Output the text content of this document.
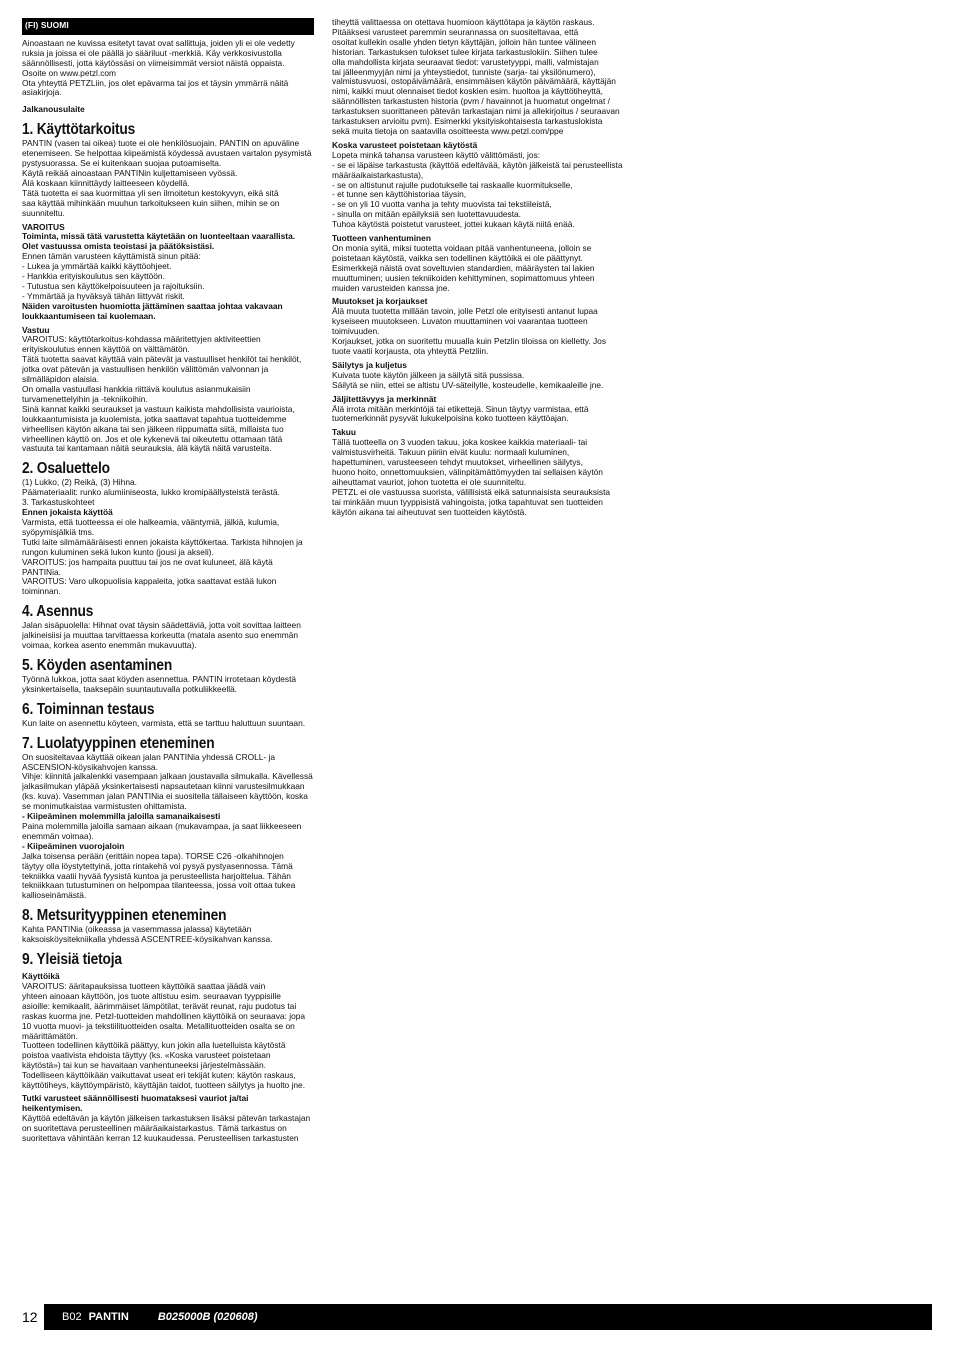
(FI) SUOMI
Ainoastaan ne kuvissa esitetyt tavat ovat sallittuja, joiden yli ei ole vedetty
ruksia ja joissa ei ole päällä jo sääriluut -merkkiä. Käy verkkosivustolla
säännöllisesti, jotta käytössäsi on viimeisimmät versiot näistä oppaista.
Osoite on www.petzl.com
Ota yhteyttä PETZLiin, jos olet epävarma tai jos et täysin ymmärrä näitä
asiakirjoja.
Jalkanousulaite
1. Käyttötarkoitus
PANTIN (vasen tai oikea) tuote ei ole henkilösuojain. PANTIN on apuväline
etenemiseen. Se helpottaa kiipeämistä köydessä avustaen vartalon pysymistä
pystysuorassa. Se ei kuitenkaan suojaa putoamiselta.
Käytä reikää ainoastaan PANTINin kuljettamiseen vyössä.
Älä koskaan kiinnittäydy laitteeseen köydellä.
Tätä tuotetta ei saa kuormittaa yli sen ilmoitetun kestokyvyn, eikä sitä
saa käyttää mihinkään muuhun tarkoitukseen kuin siihen, mihin se on
suunniteltu.
VAROITUS
Toiminta, missä tätä varustetta käytetään on luonteeltaan vaarallista.
Olet vastuussa omista teoistasi ja päätöksistäsi.
Ennen tämän varusteen käyttämistä sinun pitää:
- Lukea ja ymmärtää kaikki käyttöohjeet.
- Hankkia erityiskoulutus sen käyttöön.
- Tutustua sen käyttökelpoisuuteen ja rajoituksiin.
- Ymmärtää ja hyväksyä tähän liittyvät riskit.
Näiden varoitusten huomiotta jättäminen saattaa johtaa vakavaan
loukkaantumiseen tai kuolemaan.
Vastuu
VAROITUS: käyttötarkoitus-kohdassa määritettyjen aktiviteettien
erityiskoulutus ennen käyttöä on välttämätön.
Tätä tuotetta saavat käyttää vain pätevät ja vastuulliset henkilöt tai henkilöt,
jotka ovat pätevän ja vastuullisen henkilön välittömän valvonnan ja
silmälläpidon alaisia.
On omalla vastuullasi hankkia riittävä koulutus asianmukaisiin
turvamenettelyihin ja -tekniikoihin.
Sinä kannat kaikki seuraukset ja vastuun kaikista mahdollisista vaurioista,
loukkaantumisista ja kuolemista, jotka saattavat tapahtua tuotteidemme
virheellisen käytön aikana tai sen jälkeen riippumatta siitä, millaista tuo
virheellinen käyttö on. Jos et ole kykenevä tai oikeutettu ottamaan tätä
vastuuta tai kantamaan näitä seurauksia, älä käytä näitä varusteita.
2. Osaluettelo
(1) Lukko, (2) Reikä, (3) Hihna.
Päämateriaalit: runko alumiiniseosta, lukko kromipäällysteistä terästä.
3. Tarkastuskohteet
Ennen jokaista käyttöä
Varmista, että tuotteessa ei ole halkeamia, vääntymiä, jälkiä, kulumia,
syöpymisjälkiä tms.
Tutki laite silmämääräisesti ennen jokaista käyttökertaa. Tarkista hihnojen ja
rungon kuluminen sekä lukon kunto (jousi ja akseli).
VAROITUS: jos hampaita puuttuu tai jos ne ovat kuluneet, älä käytä
PANTINia.
VAROITUS: Varo ulkopuolisia kappaleita, jotka saattavat estää lukon
toiminnan.
4. Asennus
Jalan sisäpuolella: Hihnat ovat täysin säädettäviä, jotta voit sovittaa laitteen
jalkineisiisi ja muuttaa tarvittaessa korkeutta (matala asento suo enemmän
voimaa, korkea asento enemmän mukavuutta).
5. Köyden asentaminen
Työnnä lukkoa, jotta saat köyden asennettua. PANTIN irrotetaan köydestä
yksinkertaisella, taaksepäin suuntautuvalla potkuliikkeellä.
6. Toiminnan testaus
Kun laite on asennettu köyteen, varmista, että se tarttuu haluttuun suuntaan.
7. Luolatyyppinen eteneminen
On suositeltavaa käyttää oikean jalan PANTINia yhdessä CROLL- ja
ASCENSION-köysikahvojen kanssa.
Vihje: kiinnitä jalkalenkki vasempaan jalkaan joustavalla silmukalla. Kävellessä
jalkasilmukan yläpää yksinkertaisesti napsautetaan kiinni varustesilmukkaan
(ks. kuva). Vasemman jalan PANTINia ei suositella tällaiseen käyttöön, koska
se monimutkaistaa varmistusten ohittamista.
- Kiipeäminen molemmilla jaloilla samanaikaisesti
Paina molemmilla jaloilla samaan aikaan (mukavampaa, ja saat liikkeeseen
enemmän voimaa).
- Kiipeäminen vuorojaloin
Jalka toisensa perään (erittäin nopea tapa). TORSE C26 -olkahihnojen
täytyy olla löystytettyinä, jotta rintakehä voi pysyä pystyasennossa. Tämä
tekniikka vaatii hyvää fyysistä kuntoa ja perusteellista harjoittelua. Tähän
tekniikkaan tutustuminen on helpompaa tilanteessa, jossa voit ottaa tukea
kallioseinämästä.
8. Metsurityyppinen eteneminen
Kahta PANTINia (oikeassa ja vasemmassa jalassa) käytetään
kaksoisköysitekniikalla yhdessä ASCENTREE-köysikahvan kanssa.
9. Yleisiä tietoja
Käyttöikä
VAROITUS: ääritapauksissa tuotteen käyttöikä saattaa jäädä vain
yhteen ainoaan käyttöön, jos tuote altistuu esim. seuraavan tyyppisille
asioille: kemikaalit, äärimmäiset lämpötilat, terävät reunat, raju pudotus tai
raskas kuorma jne. Petzl-tuotteiden mahdollinen käyttöikä on seuraava: jopa
10 vuotta muovi- ja tekstiilituotteiden osalta. Metallituotteiden osalta se on
määrittämätön.
Tuotteen todellinen käyttöikä päättyy, kun jokin alla luetelluista käytöstä
poistoa vaativista ehdoista täyttyy (ks. «Koska varusteet poistetaan
käytöstä») tai kun se havaitaan vanhentuneeksi järjestelmässään.
Todelliseen käyttöikään vaikuttavat useat eri tekijät kuten: käytön raskaus,
käyttötiheys, käyttöympäristö, käyttäjän taidot, tuotteen säilytys ja huolto jne.
Tutki varusteet säännöllisesti huomataksesi vauriot ja/tai
heikentymisen.
Käyttöä edeltävän ja käytön jälkeisen tarkastuksen lisäksi pätevän tarkastajan
on suoritettava perusteellinen määräaikaistarkastus. Tämä tarkastus on
suoritettava vähintään kerran 12 kuukaudessa. Perusteellisen tarkastusten
tiheyttä valittaessa on otettava huomioon käyttötapa ja käytön raskaus.
Pitääksesi varusteet paremmin seurannassa on suositeltavaa, että
osoitat kullekin osalle yhden tietyn käyttäjän, jolloin hän tuntee välineen
historian. Tarkastuksen tulokset tulee kirjata tarkastuslokiin. Siihen tulee
olla mahdollista kirjata seuraavat tiedot: varustetyyppi, malli, valmistajan
tai jälleenmyyjän nimi ja yhteystiedot, tunniste (sarja- tai yksilönumero),
valmistusvuosi, ostopäivämäärä, ensimmäisen käytön päivämäärä, käyttäjän
nimi, kaikki muut olennaiset tiedot koskien esim. huoltoa ja käyttötiheyttä,
säännöllisten tarkastusten historia (pvm / havainnot ja huomatut ongelmat /
tarkastuksen suorittaneen pätevän tarkastajan nimi ja allekirjoitus / seuraavan
tarkastuksen arvioitu pvm). Esimerkki yksityiskohtaisesta tarkastuslokista
sekä muita tietoja on saatavilla osoitteesta www.petzl.com/ppe
Koska varusteet poistetaan käytöstä
Lopeta minkä tahansa varusteen käyttö välittömästi, jos:
- se ei läpäise tarkastusta (käyttöä edeltävää, käytön jälkeistä tai perusteellista
määräaikaistarkastusta),
- se on altistunut rajulle pudotukselle tai raskaalle kuormitukselle,
- et tunne sen käyttöhistoriaa täysin,
- se on yli 10 vuotta vanha ja tehty muovista tai tekstiileistä,
- sinulla on mitään epäilyksiä sen luotettavuudesta.
Tuhoa käytöstä poistetut varusteet, jottei kukaan käytä niitä enää.
Tuotteen vanhentuminen
On monia syitä, miksi tuotetta voidaan pitää vanhentuneena, jolloin se
poistetaan käytöstä, vaikka sen todellinen käyttöikä ei ole päättynyt.
Esimerkkejä näistä ovat soveltuvien standardien, määräysten tai lakien
muuttuminen; uusien tekniikoiden kehittyminen, sopimattomuus yhteen
muiden varusteiden kanssa jne.
Muutokset ja korjaukset
Älä muuta tuotetta millään tavoin, jolle Petzl ole erityisesti antanut lupaa
kyseiseen muutokseen. Luvaton muuttaminen voi vaarantaa tuotteen
toimivuuden.
Korjaukset, jotka on suoritettu muualla kuin Petzlin tiloissa on kielletty. Jos
tuote vaatii korjausta, ota yhteyttä Petzliin.
Säilytys ja kuljetus
Kuivata tuote käytön jälkeen ja säilytä sitä pussissa.
Säilytä se niin, ettei se altistu UV-säteilylle, kosteudelle, kemikaaleille jne.
Jäljitettävyys ja merkinnät
Älä irrota mitään merkintöjä tai etikettejä. Sinun täytyy varmistaa, että
tuotemerkinnät pysyvät lukukelpoisina koko tuotteen käyttöajan.
Takuu
Tällä tuotteella on 3 vuoden takuu, joka koskee kaikkia materiaali- tai
valmistusvirheitä. Takuun piiriin eivät kuulu: normaali kuluminen,
hapettuminen, varusteeseen tehdyt muutokset, virheellinen säilytys,
huono hoito, onnettomuuksien, välinpitämättömyyden tai sellaisen käytön
aiheuttamat vauriot, johon tuotetta ei ole suunniteltu.
PETZL ei ole vastuussa suorista, välillisistä eikä satunnaisista seurauksista
tai minkään muun tyyppisistä vahingoista, jotka tapahtuvat sen tuotteiden
käytön aikana tai aiheutuvat sen tuotteiden käytöstä.
12	B02 PANTIN	B025000B (020608)
